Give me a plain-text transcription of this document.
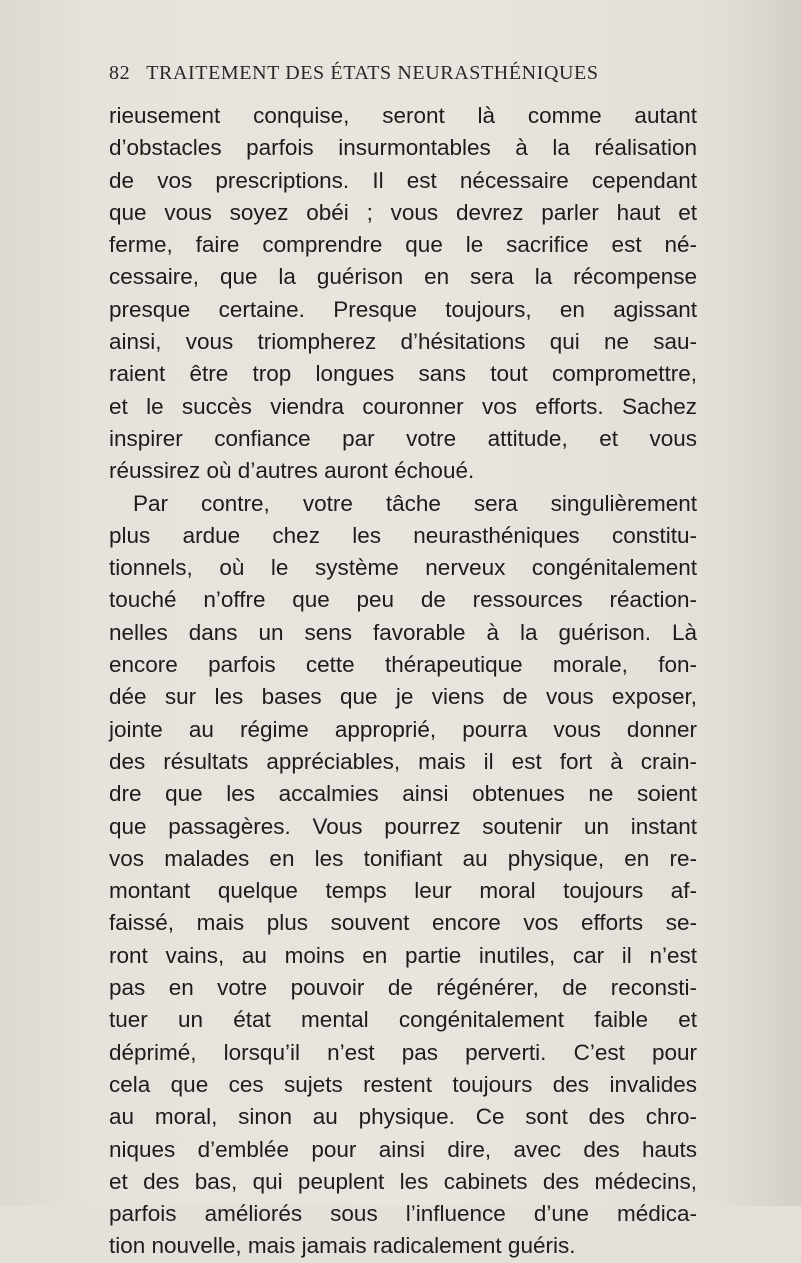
82 TRAITEMENT DES ÉTATS NEURASTHÉNIQUES
rieusement conquise, seront là comme autant
d’obstacles parfois insurmontables à la réalisation
de vos prescriptions. Il est nécessaire cependant
que vous soyez obéi ; vous devrez parler haut et
ferme, faire comprendre que le sacrifice est né-
cessaire, que la guérison en sera la récompense
presque certaine. Presque toujours, en agissant
ainsi, vous triompherez d’hésitations qui ne sau-
raient être trop longues sans tout compromettre,
et le succès viendra couronner vos efforts. Sachez
inspirer confiance par votre attitude, et vous
réussirez où d’autres auront échoué.
Par contre, votre tâche sera singulièrement
plus ardue chez les neurasthéniques constitu-
tionnels, où le système nerveux congénitalement
touché n’offre que peu de ressources réaction-
nelles dans un sens favorable à la guérison. Là
encore parfois cette thérapeutique morale, fon-
dée sur les bases que je viens de vous exposer,
jointe au régime approprié, pourra vous donner
des résultats appréciables, mais il est fort à crain-
dre que les accalmies ainsi obtenues ne soient
que passagères. Vous pourrez soutenir un instant
vos malades en les tonifiant au physique, en re-
montant quelque temps leur moral toujours af-
faissé, mais plus souvent encore vos efforts se-
ront vains, au moins en partie inutiles, car il n’est
pas en votre pouvoir de régénérer, de reconsti-
tuer un état mental congénitalement faible et
déprimé, lorsqu’il n’est pas perverti. C’est pour
cela que ces sujets restent toujours des invalides
au moral, sinon au physique. Ce sont des chro-
niques d’emblée pour ainsi dire, avec des hauts
et des bas, qui peuplent les cabinets des médecins,
parfois améliorés sous l’influence d’une médica-
tion nouvelle, mais jamais radicalement guéris.
